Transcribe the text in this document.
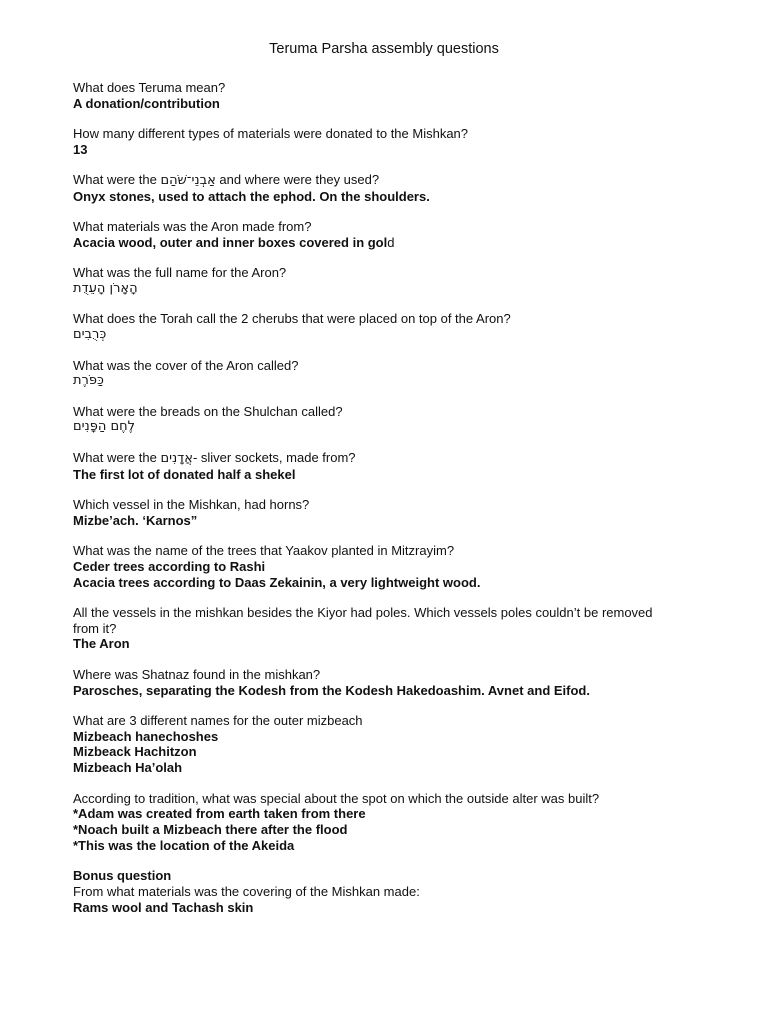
Teruma Parsha assembly questions
What does Teruma mean?
A donation/contribution
How many different types of materials were donated to the Mishkan?
13
What were the אַבְנֵי־שֹׁהַם and where were they used?
Onyx stones, used to attach the ephod. On the shoulders.
What materials was the Aron made from?
Acacia wood, outer and inner boxes covered in gold
What was the full name for the Aron?
הָאָרֹן הָעֵדֻת
What does the Torah call the 2 cherubs that were placed on top of the Aron?
כְּרֻבִים
What was the cover of the Aron called?
כַּפֹּרֶת
What were the breads on the Shulchan called?
לֶחֶם הַפָּנִים
What were the אֲדָנִים- sliver sockets, made from?
The first lot of donated half a shekel
Which vessel in the Mishkan, had horns?
Mizbe’ach. ‘Karnos”
What was the name of the trees that Yaakov planted in Mitzrayim?
Ceder trees according to Rashi
Acacia trees according to Daas Zekainin, a very lightweight wood.
All the vessels in the mishkan besides the Kiyor had poles. Which vessels poles couldn’t be removed from it?
The Aron
Where was Shatnaz found in the mishkan?
Parosches, separating the Kodesh from the Kodesh Hakedoashim. Avnet and Eifod.
What are 3 different names for the outer mizbeach
Mizbeach hanechoshes
Mizbeack Hachitzon
Mizbeach Ha’olah
According to tradition, what was special about the spot on which the outside alter was built?
*Adam was created from earth taken from there
*Noach built a Mizbeach there after the flood
*This was the location of the Akeida
Bonus question
From what materials was the covering of the Mishkan made:
Rams wool and Tachash skin
